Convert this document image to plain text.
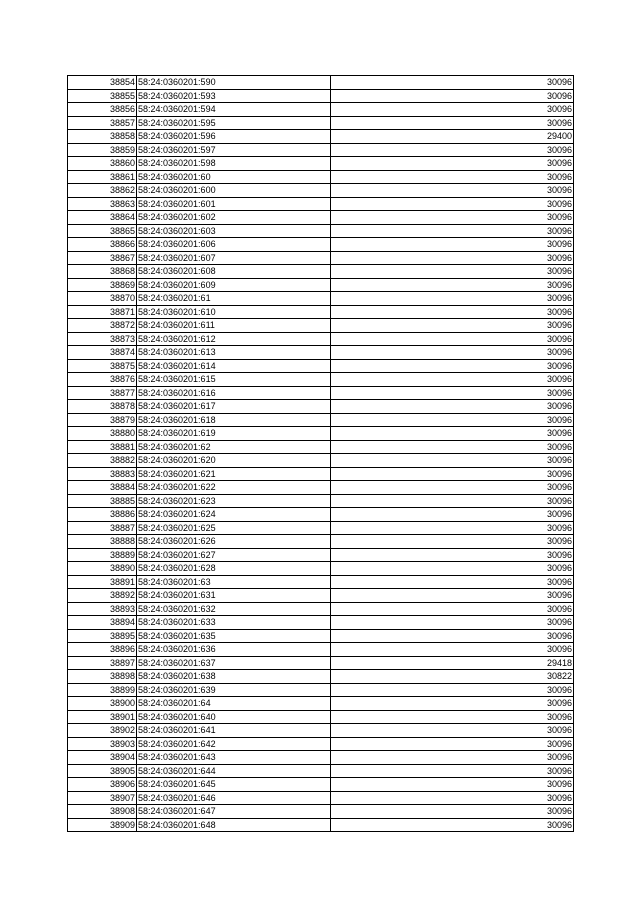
38854	58:24:0360201:590	30096
38855	58:24:0360201:593	30096
38856	58:24:0360201:594	30096
38857	58:24:0360201:595	30096
38858	58:24:0360201:596	29400
38859	58:24:0360201:597	30096
38860	58:24:0360201:598	30096
38861	58:24:0360201:60	30096
38862	58:24:0360201:600	30096
38863	58:24:0360201:601	30096
38864	58:24:0360201:602	30096
38865	58:24:0360201:603	30096
38866	58:24:0360201:606	30096
38867	58:24:0360201:607	30096
38868	58:24:0360201:608	30096
38869	58:24:0360201:609	30096
38870	58:24:0360201:61	30096
38871	58:24:0360201:610	30096
38872	58:24:0360201:611	30096
38873	58:24:0360201:612	30096
38874	58:24:0360201:613	30096
38875	58:24:0360201:614	30096
38876	58:24:0360201:615	30096
38877	58:24:0360201:616	30096
38878	58:24:0360201:617	30096
38879	58:24:0360201:618	30096
38880	58:24:0360201:619	30096
38881	58:24:0360201:62	30096
38882	58:24:0360201:620	30096
38883	58:24:0360201:621	30096
38884	58:24:0360201:622	30096
38885	58:24:0360201:623	30096
38886	58:24:0360201:624	30096
38887	58:24:0360201:625	30096
38888	58:24:0360201:626	30096
38889	58:24:0360201:627	30096
38890	58:24:0360201:628	30096
38891	58:24:0360201:63	30096
38892	58:24:0360201:631	30096
38893	58:24:0360201:632	30096
38894	58:24:0360201:633	30096
38895	58:24:0360201:635	30096
38896	58:24:0360201:636	30096
38897	58:24:0360201:637	29418
38898	58:24:0360201:638	30822
38899	58:24:0360201:639	30096
38900	58:24:0360201:64	30096
38901	58:24:0360201:640	30096
38902	58:24:0360201:641	30096
38903	58:24:0360201:642	30096
38904	58:24:0360201:643	30096
38905	58:24:0360201:644	30096
38906	58:24:0360201:645	30096
38907	58:24:0360201:646	30096
38908	58:24:0360201:647	30096
38909	58:24:0360201:648	30096
